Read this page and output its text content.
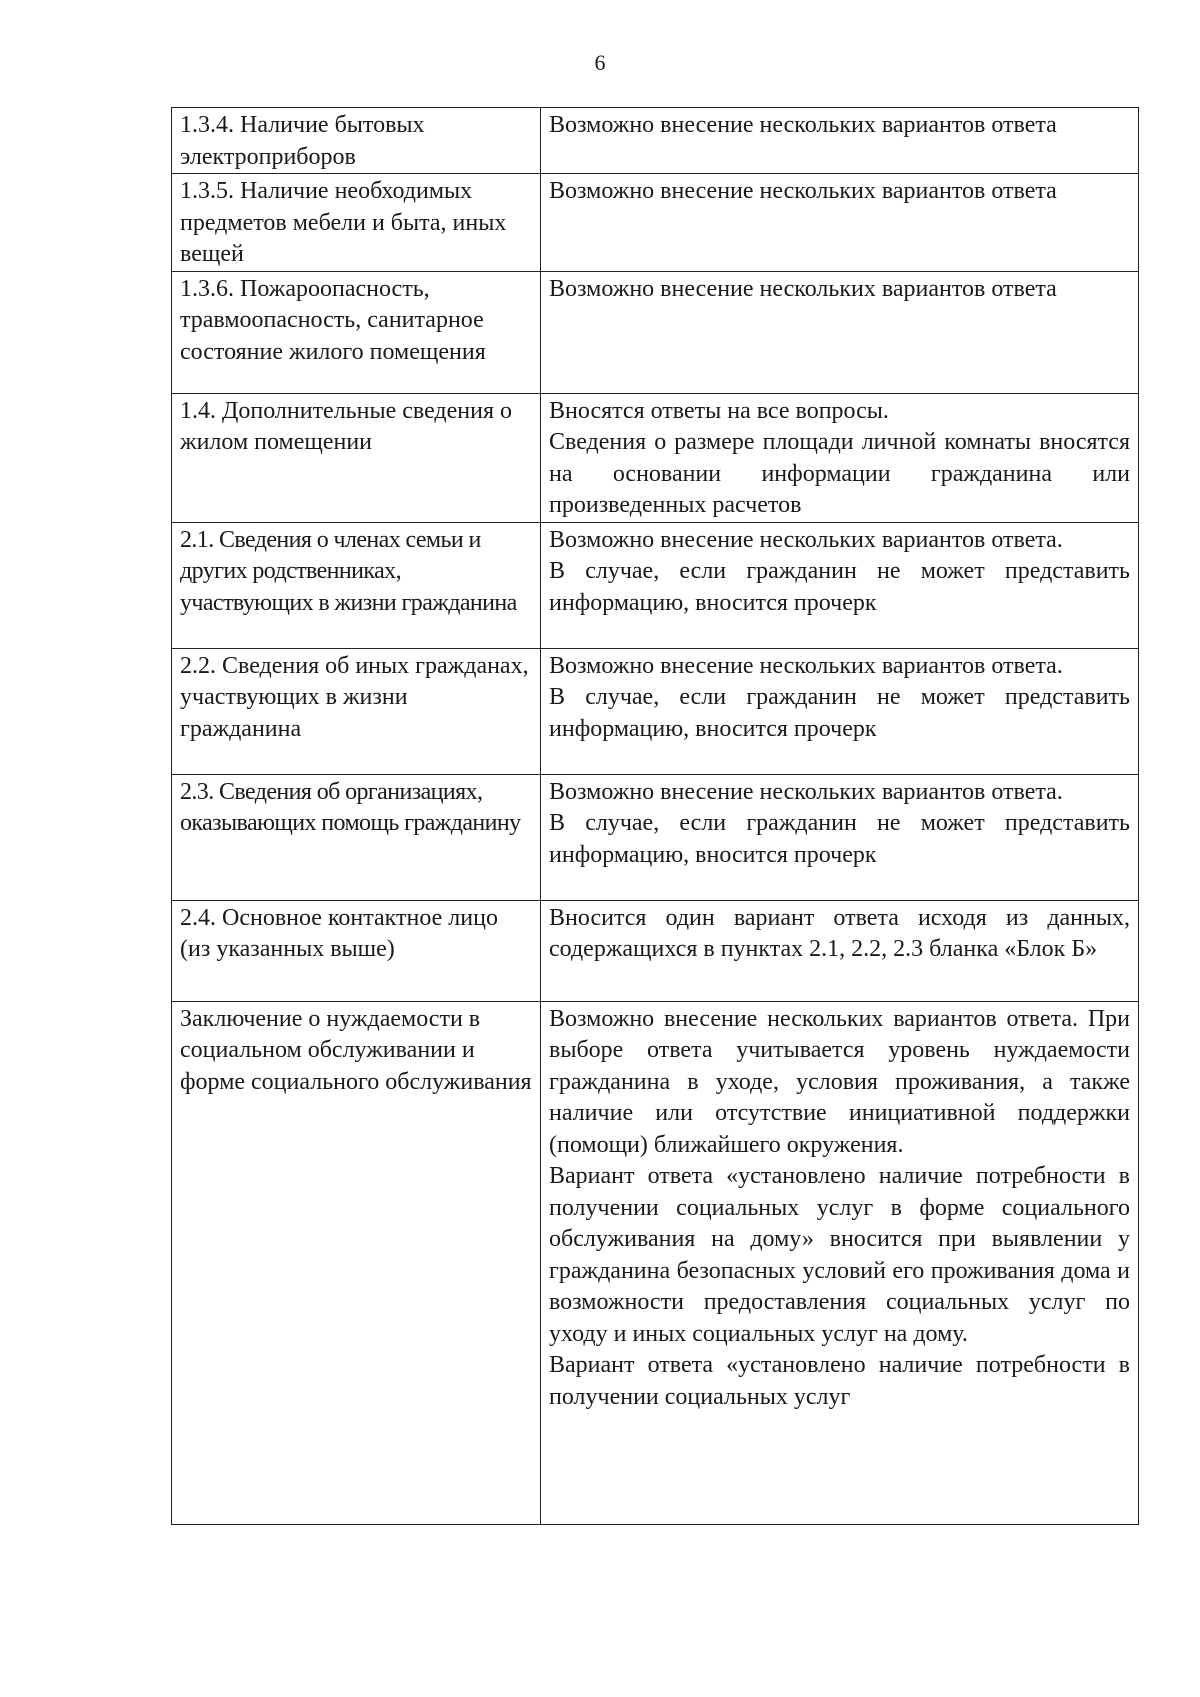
6
1.3.4. Наличие бытовых электроприборов	Возможно внесение нескольких вариантов ответа

1.3.5. Наличие необходимых предметов мебели и быта, иных вещей	Возможно внесение нескольких вариантов ответа

1.3.6. Пожароопасность, травмоопасность, санитарное состояние жилого помещения	Возможно внесение нескольких вариантов ответа

1.4. Дополнительные сведения о жилом помещении	Вносятся ответы на все вопросы.
Сведения о размере площади личной комнаты вносятся на основании информации гражданина или произведенных расчетов

2.1. Сведения о членах семьи и других родственниках, участвующих в жизни гражданина	Возможно внесение нескольких вариантов ответа.
В случае, если гражданин не может представить информацию, вносится прочерк

2.2. Сведения об иных гражданах, участвующих в жизни гражданина	Возможно внесение нескольких вариантов ответа.
В случае, если гражданин не может представить информацию, вносится прочерк

2.3. Сведения об организациях, оказывающих помощь гражданину	Возможно внесение нескольких вариантов ответа.
В случае, если гражданин не может представить информацию, вносится прочерк

2.4. Основное контактное лицо (из указанных выше)	Вносится один вариант ответа исходя из данных, содержащихся в пунктах 2.1, 2.2, 2.3 бланка «Блок Б»

Заключение о нуждаемости в социальном обслуживании и форме социального обслуживания	Возможно внесение нескольких вариантов ответа. При выборе ответа учитывается уровень нуждаемости гражданина в уходе, условия проживания, а также наличие или отсутствие инициативной поддержки (помощи) ближайшего окружения.
Вариант ответа «установлено наличие потребности в получении социальных услуг в форме социального обслуживания на дому» вносится при выявлении у гражданина безопасных условий его проживания дома и возможности предоставления социальных услуг по уходу и иных социальных услуг на дому.
Вариант ответа «установлено наличие потребности в получении социальных услуг
